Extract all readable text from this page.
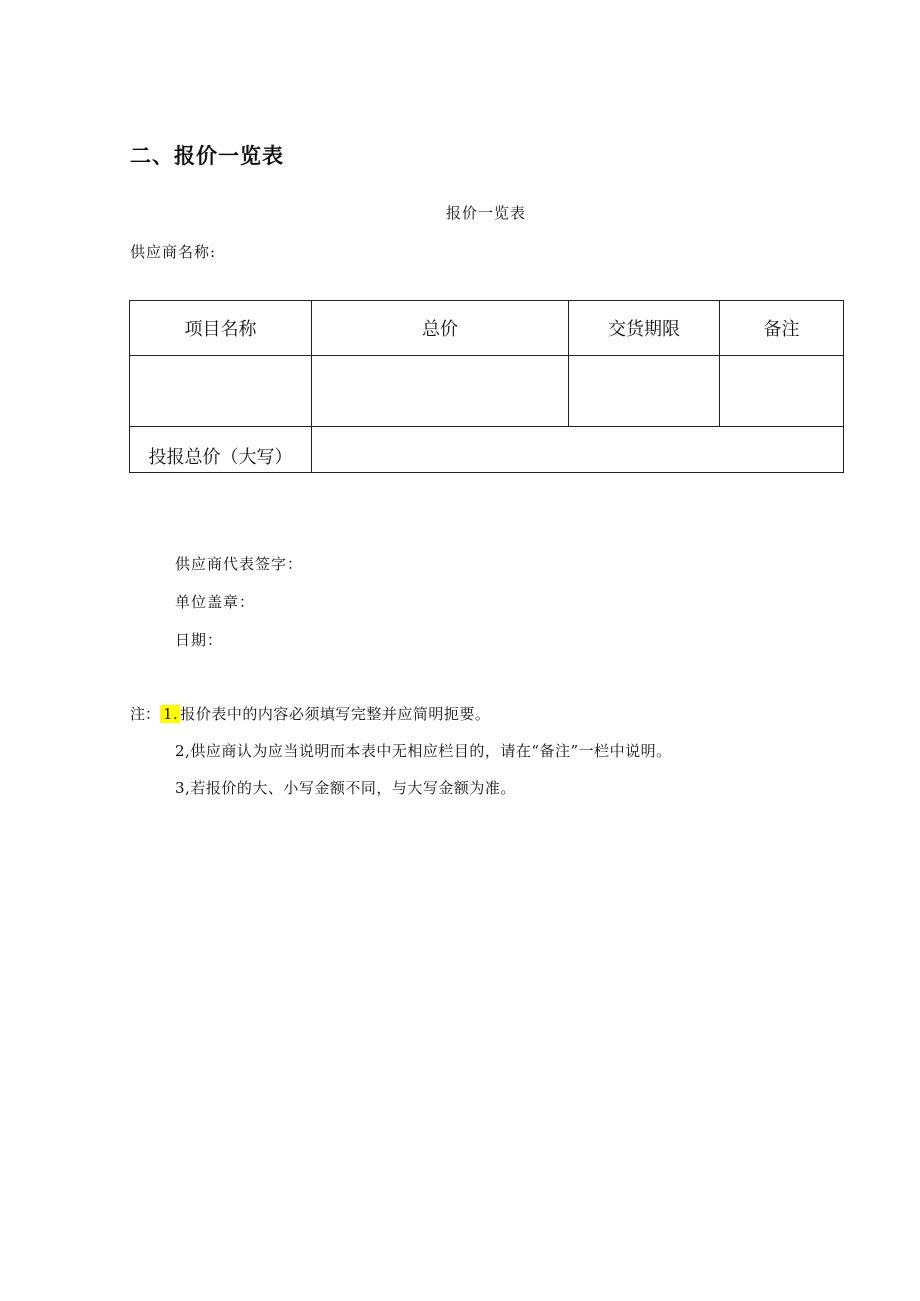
二、报价一览表
报价一览表
供应商名称:
项目名称	总价	交货期限	备注

投报总价（大写）			
供应商代表签字：
单位盖章：
日期：
注： 1. 报价表中的内容必须填写完整并应简明扼要。
2,供应商认为应当说明而本表中无相应栏目的，请在“备注”一栏中说明。
3,若报价的大、小写金额不同，与大写金额为准。
